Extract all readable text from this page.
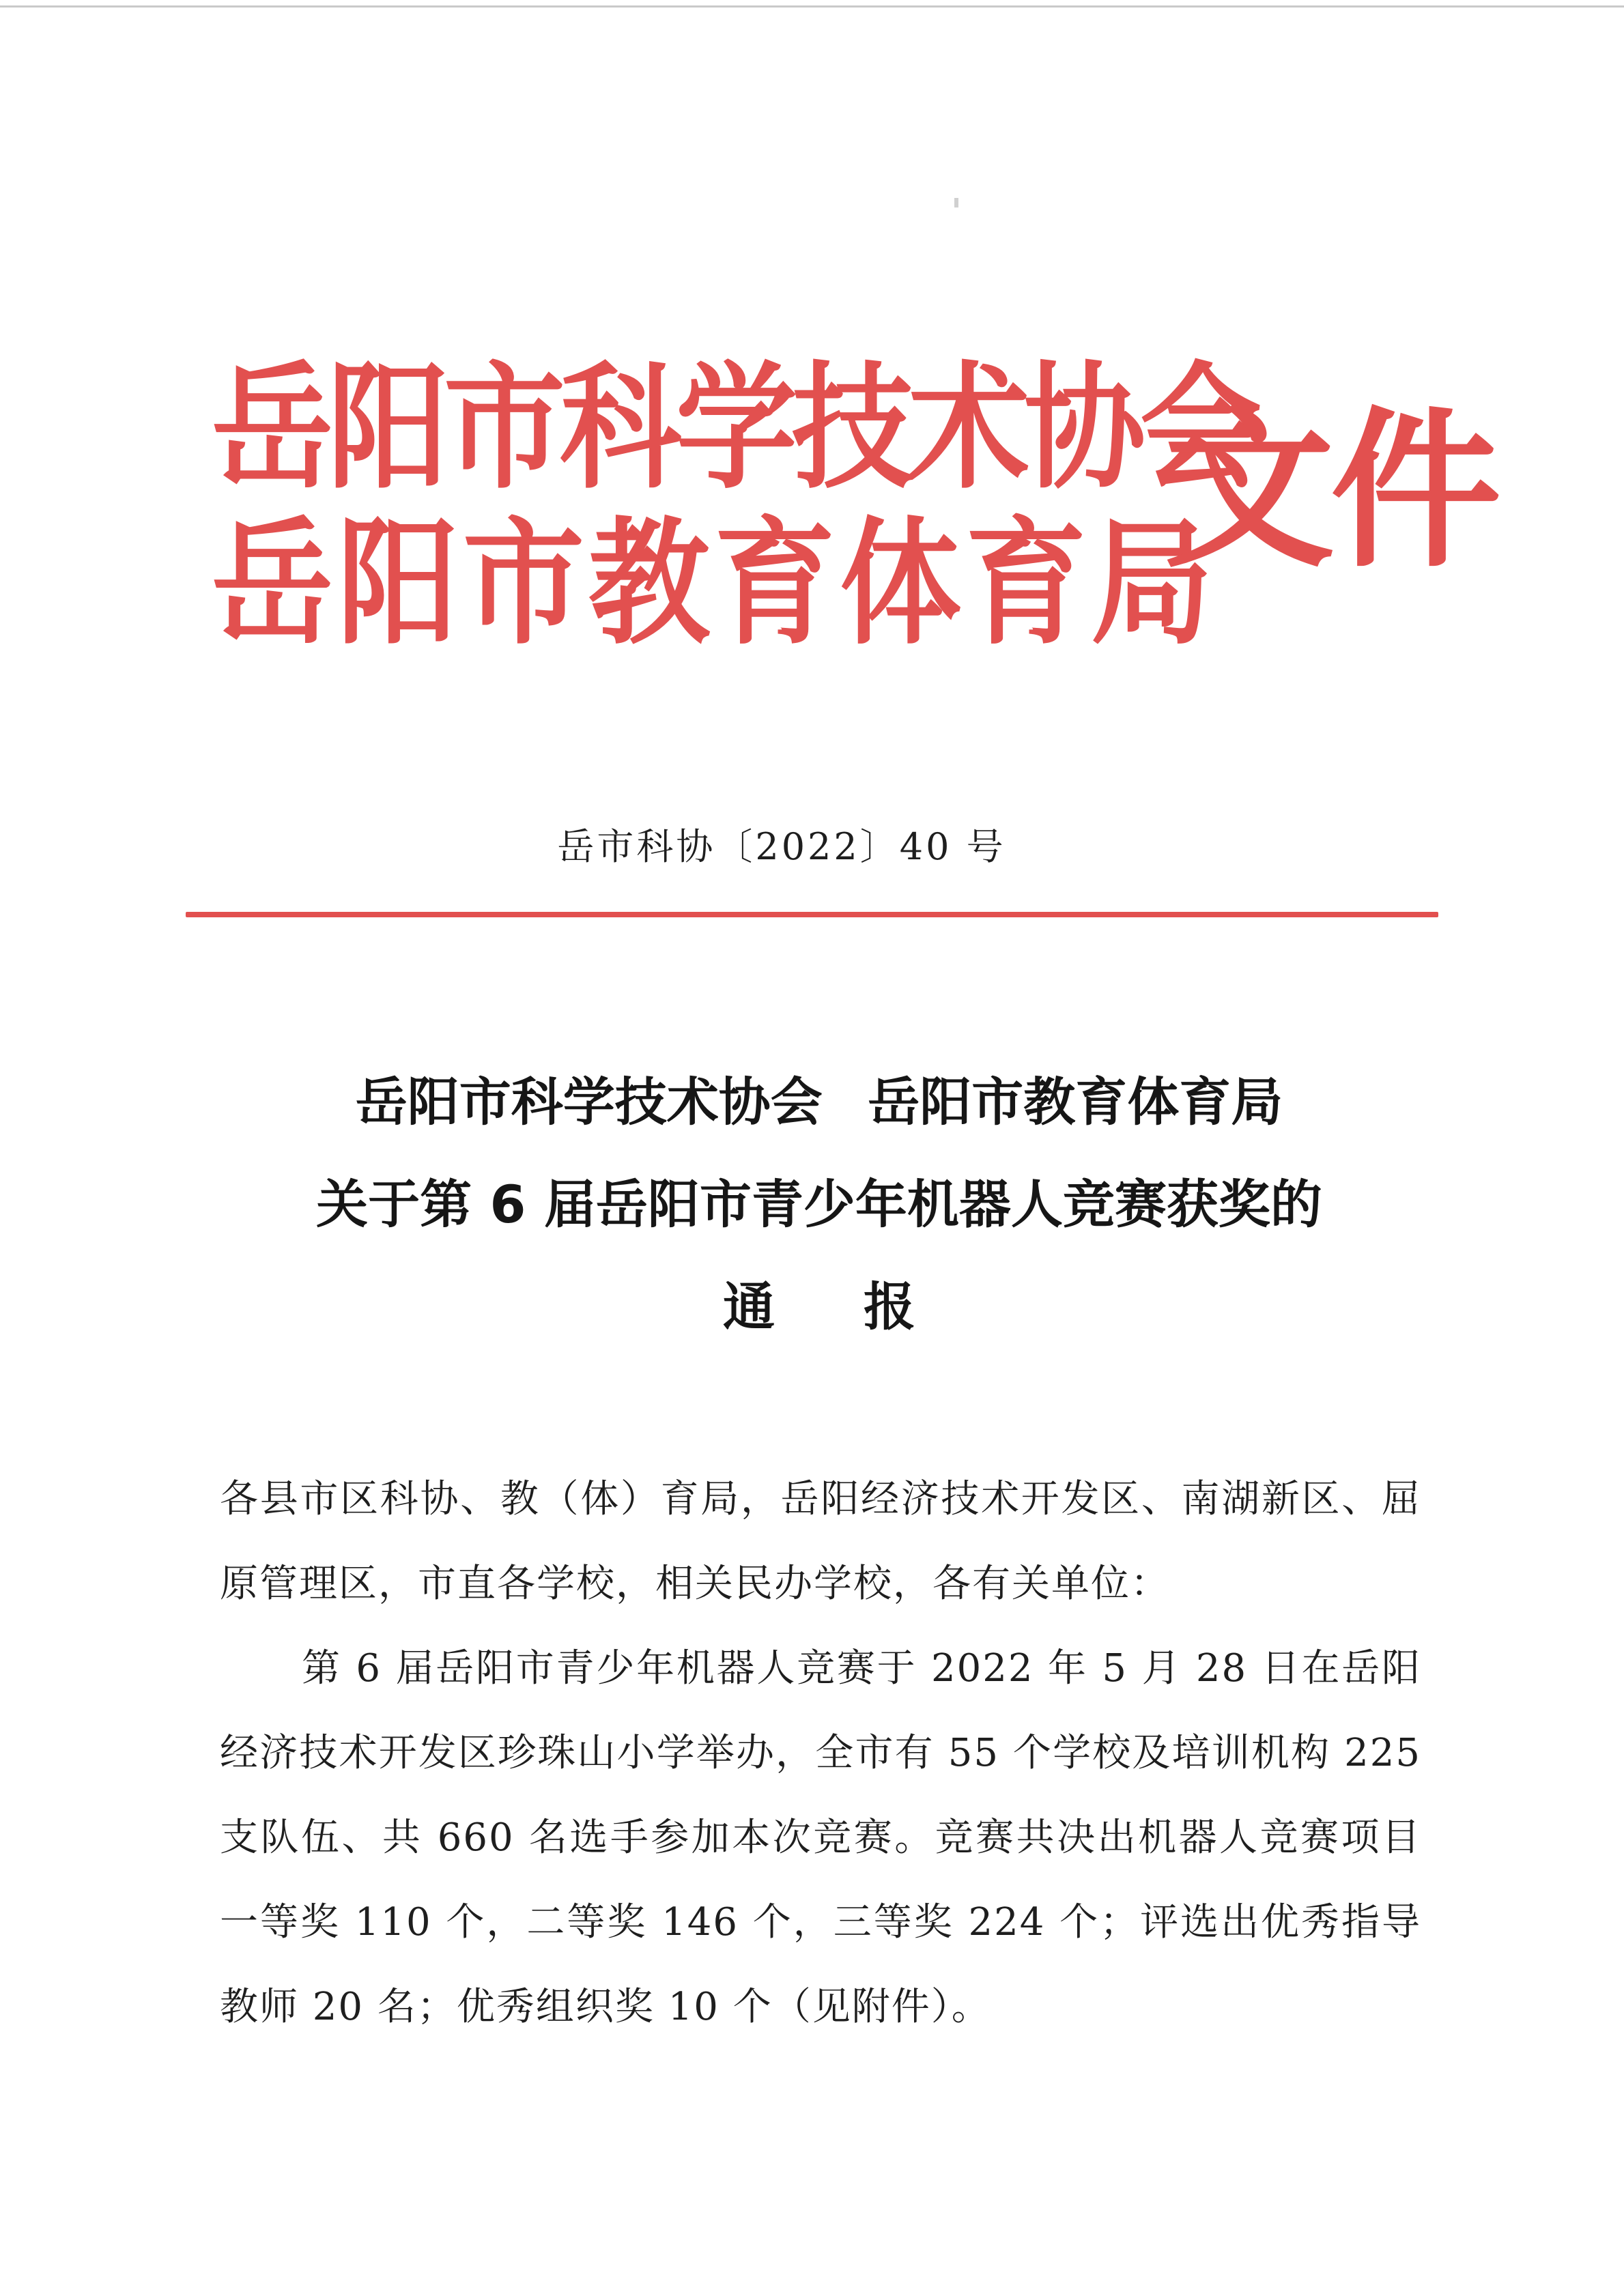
岳阳市科学技术协会
岳阳市教育体育局
文件
岳市科协〔2022〕40 号
岳阳市科学技术协会 岳阳市教育体育局
关于第 6 届岳阳市青少年机器人竞赛获奖的
通报

各县市区科协、教（体）育局，岳阳经济技术开发区、南湖新区、屈原管理区，市直各学校，相关民办学校，各有关单位：

第 6 届岳阳市青少年机器人竞赛于 2022 年 5 月 28 日在岳阳经济技术开发区珍珠山小学举办，全市有 55 个学校及培训机构 225 支队伍、共 660 名选手参加本次竞赛。竞赛共决出机器人竞赛项目一等奖 110 个，二等奖 146 个，三等奖 224 个；评选出优秀指导教师 20 名；优秀组织奖 10 个（见附件）。
